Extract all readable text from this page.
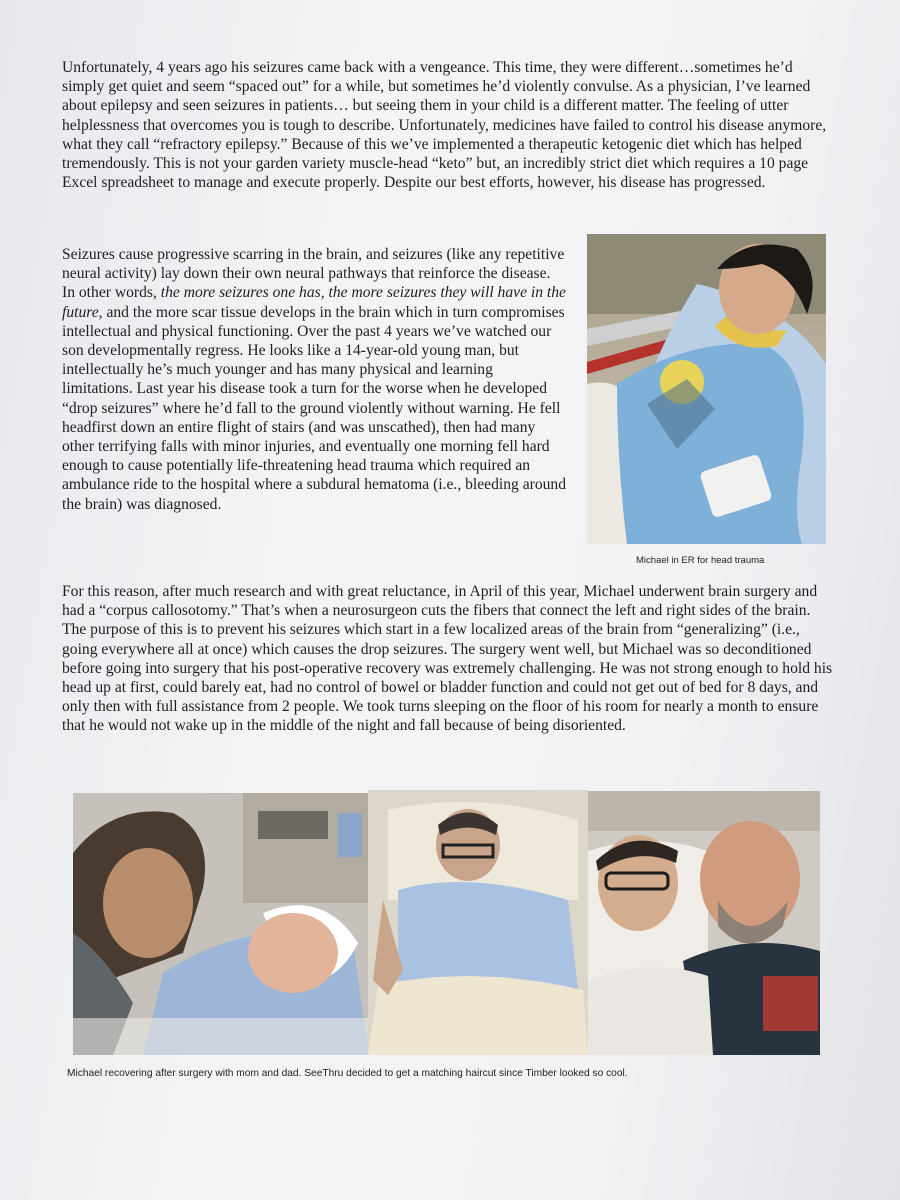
Unfortunately, 4 years ago his seizures came back with a vengeance. This time, they were different…sometimes he’d simply get quiet and seem “spaced out” for a while, but sometimes he’d violently convulse. As a physician, I’ve learned about epilepsy and seen seizures in patients… but seeing them in your child is a different matter. The feeling of utter helplessness that overcomes you is tough to describe. Unfortunately, medicines have failed to control his disease anymore, what they call “refractory epilepsy.” Because of this we’ve implemented a therapeutic ketogenic diet which has helped tremendously. This is not your garden variety muscle-head “keto” but, an incredibly strict diet which requires a 10 page Excel spreadsheet to manage and execute properly. Despite our best efforts, however, his disease has progressed.

Seizures cause progressive scarring in the brain, and seizures (like any repetitive neural activity) lay down their own neural pathways that reinforce the disease. In other words, the more seizures one has, the more seizures they will have in the future, and the more scar tissue develops in the brain which in turn compromises intellectual and physical functioning. Over the past 4 years we’ve watched our son developmentally regress. He looks like a 14-year-old young man, but intellectually he’s much younger and has many physical and learning limitations. Last year his disease took a turn for the worse when he developed “drop seizures” where he’d fall to the ground violently without warning. He fell headfirst down an entire flight of stairs (and was unscathed), then had many other terrifying falls with minor injuries, and eventually one morning fell hard enough to cause potentially life-threatening head trauma which required an ambulance ride to the hospital where a subdural hematoma (i.e., bleeding around the brain) was diagnosed.

Michael in ER for head trauma

For this reason, after much research and with great reluctance, in April of this year, Michael underwent brain surgery and had a “corpus callosotomy.” That’s when a neurosurgeon cuts the fibers that connect the left and right sides of the brain. The purpose of this is to prevent his seizures which start in a few localized areas of the brain from “generalizing” (i.e., going everywhere all at once) which causes the drop seizures. The surgery went well, but Michael was so deconditioned before going into surgery that his post-operative recovery was extremely challenging. He was not strong enough to hold his head up at first, could barely eat, had no control of bowel or bladder function and could not get out of bed for 8 days, and only then with full assistance from 2 people. We took turns sleeping on the floor of his room for nearly a month to ensure that he would not wake up in the middle of the night and fall because of being disoriented.

Michael recovering after surgery with mom and dad. SeeThru decided to get a matching haircut since Timber looked so cool.
